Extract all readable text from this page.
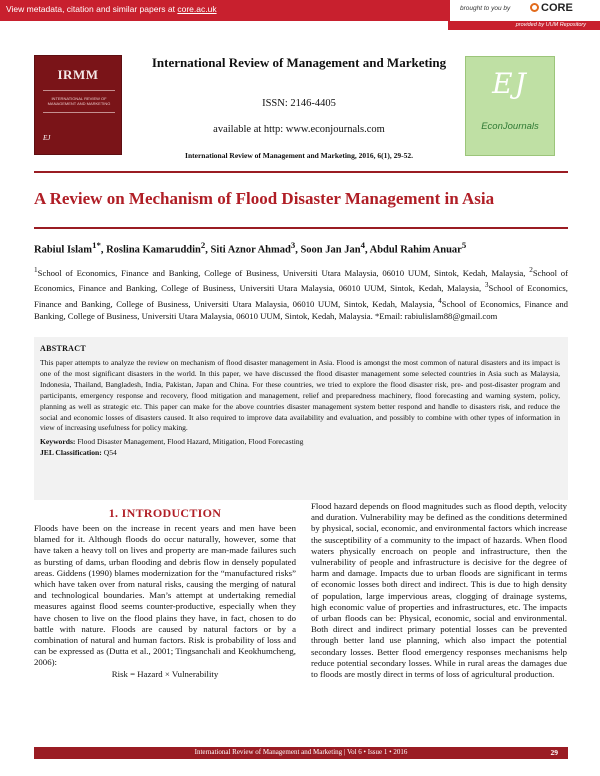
View metadata, citation and similar papers at core.ac.uk	brought to you by	CORE
provided by UUM Repository
IRMM
INTERNATIONAL REVIEW OF MANAGEMENT AND MARKETING
EJ
International Review of Management and Marketing
ISSN: 2146-4405
available at http: www.econjournals.com
International Review of Management and Marketing, 2016, 6(1), 29-52.
EJ
EconJournals
A Review on Mechanism of Flood Disaster Management in Asia
Rabiul Islam$^{1*}$, Roslina Kamaruddin$^2$, Siti Aznor Ahmad$^3$, Soon Jan Jan$^4$, Abdul Rahim Anuar$^5$
$^1$School of Economics, Finance and Banking, College of Business, Universiti Utara Malaysia, 06010 UUM, Sintok, Kedah, Malaysia, $^2$School of Economics, Finance and Banking, College of Business, Universiti Utara Malaysia, 06010 UUM, Sintok, Kedah, Malaysia, $^3$School of Economics, Finance and Banking, College of Business, Universiti Utara Malaysia, 06010 UUM, Sintok, Kedah, Malaysia, $^4$School of Economics, Finance and Banking, College of Business, Universiti Utara Malaysia, 06010 UUM, Sintok, Kedah, Malaysia. *Email: rabiulislam88@gmail.com
ABSTRACT
This paper attempts to analyze the review on mechanism of flood disaster management in Asia. Flood is amongst the most common of natural disasters and its impact is one of the most significant disasters in the world. In this paper, we have discussed the flood disaster management some selected countries in Asia such as Malaysia, Indonesia, Thailand, Bangladesh, India, Pakistan, Japan and China. For these countries, we tried to explore the flood disaster risk, pre- and post-disaster program and participants, emergency response and recovery, flood mitigation and management, relief and preparedness machinery, flood forecasting and warning system, policy, planning as well as strategic etc. This paper can make for the above countries disaster management system better respond and handle to disasters risk, and reduce the social and economic losses of disasters caused. It also required to improve data availability and evaluation, and possibly to combine with other types of information in view of increasing usefulness for policy making.
Keywords: Flood Disaster Management, Flood Hazard, Mitigation, Flood Forecasting
JEL Classification: Q54
1. INTRODUCTION

Floods have been on the increase in recent years and men have been blamed for it. Although floods do occur naturally, however, some that have taken a heavy toll on lives and property are man-made failures such as bursting of dams, urban flooding and debris flow in densely populated areas. Giddens (1990) blames modernization for the “manufactured risks” which have taken over from natural risks, causing the merging of natural and technological boundaries. Man’s attempt at undertaking remedial measures against flood seems counter-productive, especially when they have chosen to live on the flood plains they have, in fact, chosen to do battle with nature. Floods are caused by natural factors or by a combination of natural and human factors. Risk is probability of loss and can be expressed as (Dutta et al., 2001; Tingsanchali and Keokhumcheng, 2006):

Risk = Hazard × Vulnerability

Flood hazard depends on flood magnitudes such as flood depth, velocity and duration. Vulnerability may be defined as the conditions determined by physical, social, economic, and environmental factors which increase the susceptibility of a community to the impact of hazards. When flood waters physically encroach on people and infrastructure, then the vulnerability of people and infrastructure is decisive for the degree of harm and damage. Impacts due to urban floods are significant in terms of economic losses both direct and indirect. This is due to high density of population, large impervious areas, clogging of drainage systems, high economic value of properties and infrastructures, etc. The impacts of urban floods can be: Physical, economic, social and environmental. Both direct and indirect primary potential losses can be prevented through better land use planning, which also impact the potential secondary losses. Better flood emergency responses mechanisms help reduce potential secondary losses. While in rural areas the damages due to floods are mostly direct in terms of loss of agricultural production.

International Review of Management and Marketing | Vol 6 • Issue 1 • 2016	29
